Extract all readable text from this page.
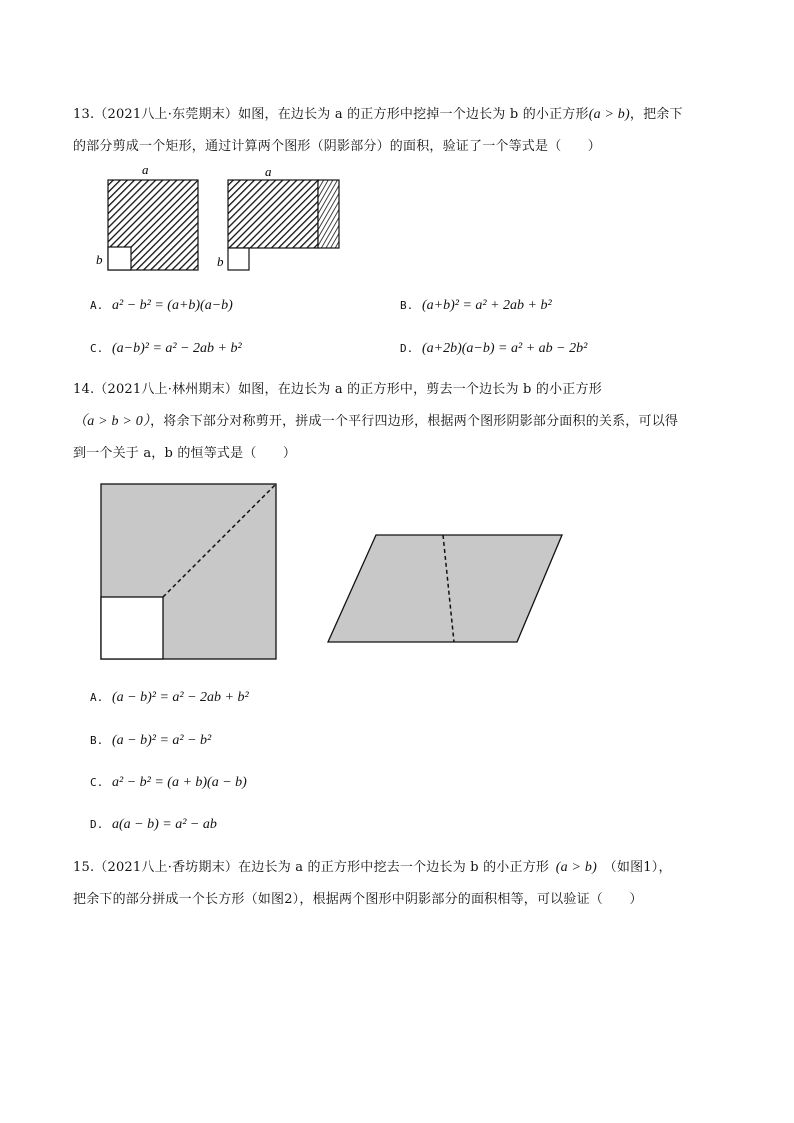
13.（2021八上·东莞期末）如图，在边长为 a 的正方形中挖掉一个边长为 b 的小正方形(a > b)，把余下
的部分剪成一个矩形，通过计算两个图形（阴影部分）的面积，验证了一个等式是（　　）
a
b
a
b
A. a² − b² = (a+b)(a−b)	B. (a+b)² = a² + 2ab + b²
C. (a−b)² = a² − 2ab + b²	D. (a+2b)(a−b) = a² + ab − 2b²
14.（2021八上·林州期末）如图，在边长为 a 的正方形中，剪去一个边长为 b 的小正方形
（a > b > 0），将余下部分对称剪开，拼成一个平行四边形，根据两个图形阴影部分面积的关系，可以得
到一个关于 a，b 的恒等式是（　　）
A. (a − b)² = a² − 2ab + b²
B. (a − b)² = a² − b²
C. a² − b² = (a + b)(a − b)
D. a(a − b) = a² − ab
15.（2021八上·香坊期末）在边长为 a 的正方形中挖去一个边长为 b 的小正方形  (a > b)  （如图1），
把余下的部分拼成一个长方形（如图2），根据两个图形中阴影部分的面积相等，可以验证（　　）
